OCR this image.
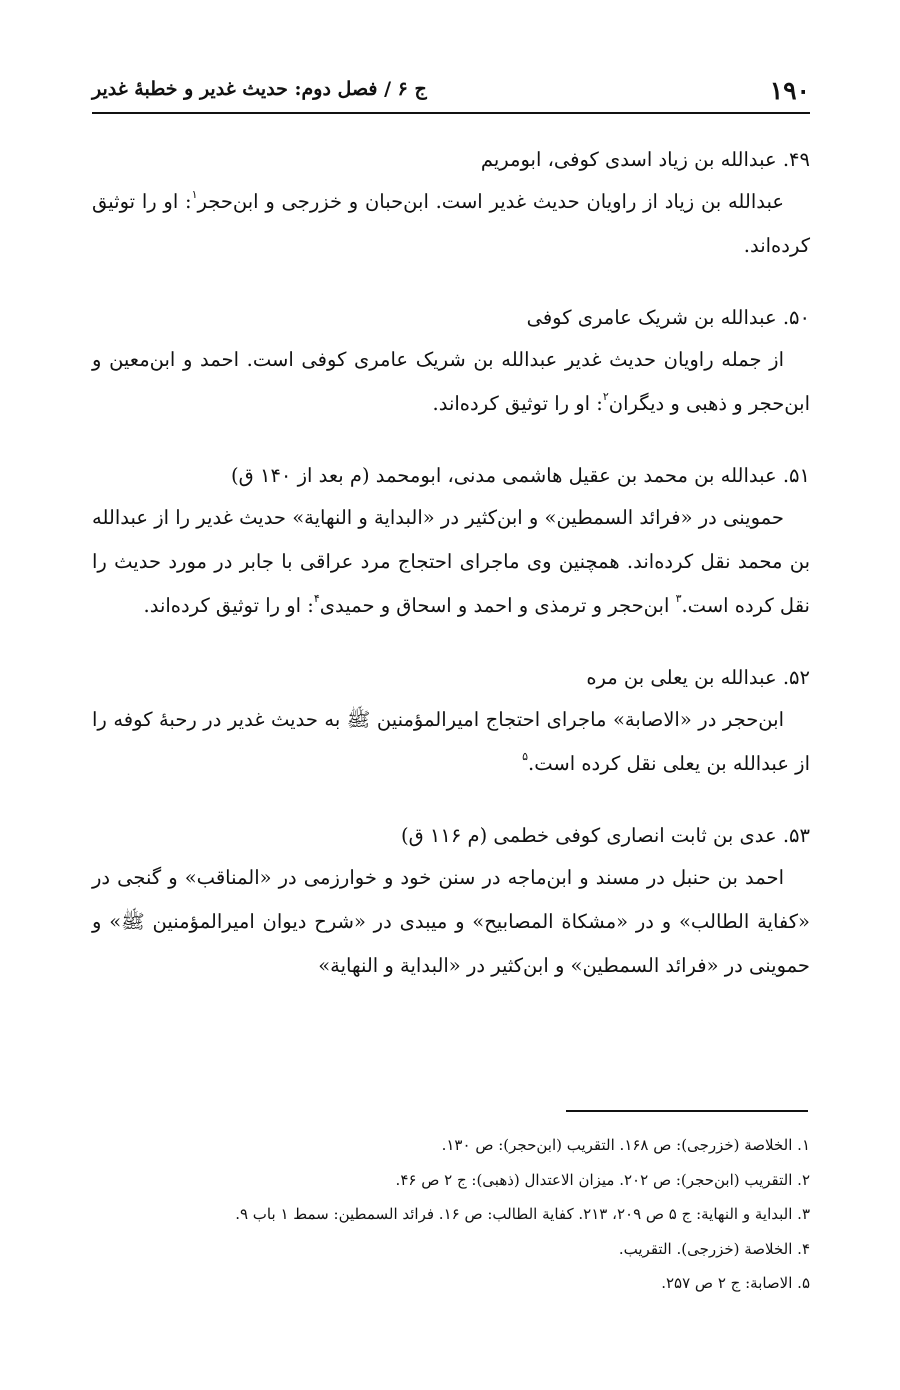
۱۹۰
ج ۶ / فصل دوم: حدیث غدیر و خطبهٔ غدیر

۴۹. عبدالله بن زیاد اسدی کوفی، ابومریم

عبدالله بن زیاد از راویان حدیث غدیر است. ابن‌حبان و خزرجی و ابن‌حجر$^۱$: او را توثیق کرده‌اند.

۵۰. عبدالله بن شریک عامری کوفی

از جمله راویان حدیث غدیر عبدالله بن شریک عامری کوفی است. احمد و ابن‌معین و ابن‌حجر و ذهبی و دیگران$^۲$: او را توثیق کرده‌اند.

۵۱. عبدالله بن محمد بن عقیل هاشمی مدنی، ابومحمد (م بعد از ۱۴۰ ق)

حموینی در «فرائد السمطین» و ابن‌کثیر در «البدایة و النهایة» حدیث غدیر را از عبدالله بن محمد نقل کرده‌اند. همچنین وی ماجرای احتجاج مرد عراقی با جابر در مورد حدیث را نقل کرده است.$^۳$ ابن‌حجر و ترمذی و احمد و اسحاق و حمیدی$^۴$: او را توثیق کرده‌اند.

۵۲. عبدالله بن یعلی بن مره

ابن‌حجر در «الاصابة» ماجرای احتجاج امیرالمؤمنین ﷺ به حدیث غدیر در رحبهٔ کوفه را از عبدالله بن یعلی نقل کرده است.$^۵$

۵۳. عدی بن ثابت انصاری کوفی خطمی (م ۱۱۶ ق)

احمد بن حنبل در مسند و ابن‌ماجه در سنن خود و خوارزمی در «المناقب» و گنجی در «کفایة الطالب» و در «مشکاة المصابیح» و میبدی در «شرح دیوان امیرالمؤمنین ﷺ» و حموینی در «فرائد السمطین» و ابن‌کثیر در «البدایة و النهایة»

۱. الخلاصة (خزرجی): ص ۱۶۸. التقریب (ابن‌حجر): ص ۱۳۰.

۲. التقریب (ابن‌حجر): ص ۲۰۲. میزان الاعتدال (ذهبی): ج ۲ ص ۴۶.

۳. البدایة و النهایة: ج ۵ ص ۲۰۹، ۲۱۳. کفایة الطالب: ص ۱۶. فرائد السمطین: سمط ۱ باب ۹.

۴. الخلاصة (خزرجی). التقریب.

۵. الاصابة: ج ۲ ص ۲۵۷.
